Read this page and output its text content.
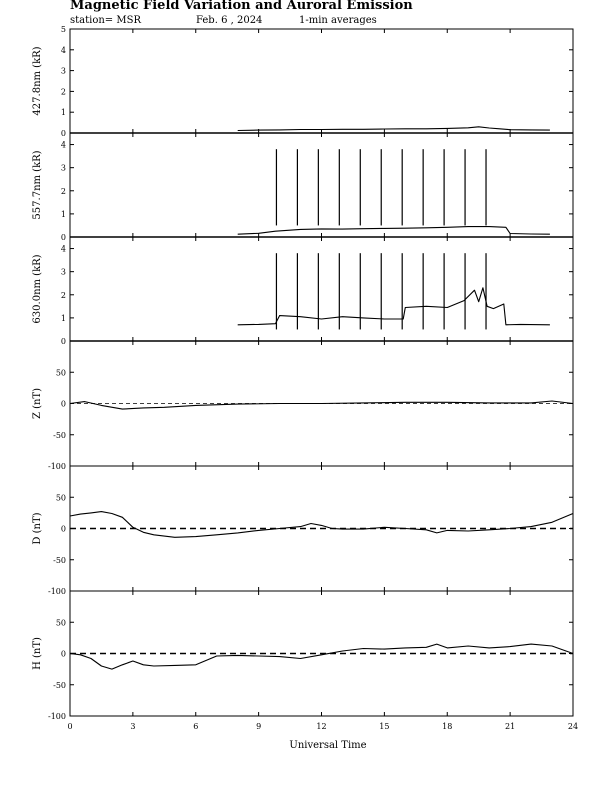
Magnetic Field Variation and Auroral Emission
station= MSR	Feb. 6 , 2024	1-min averages
0
1
2
3
4
5
427.8nm (kR)
0
1
2
3
4
557.7nm (kR)
0
1
2
3
4
630.0nm (kR)
-100
-50
0
50
Z (nT)
-100
-50
0
50
D (nT)
-100
-50
0
50
0	3	6	9	12	15	18	21	24
H (nT)
Universal Time
